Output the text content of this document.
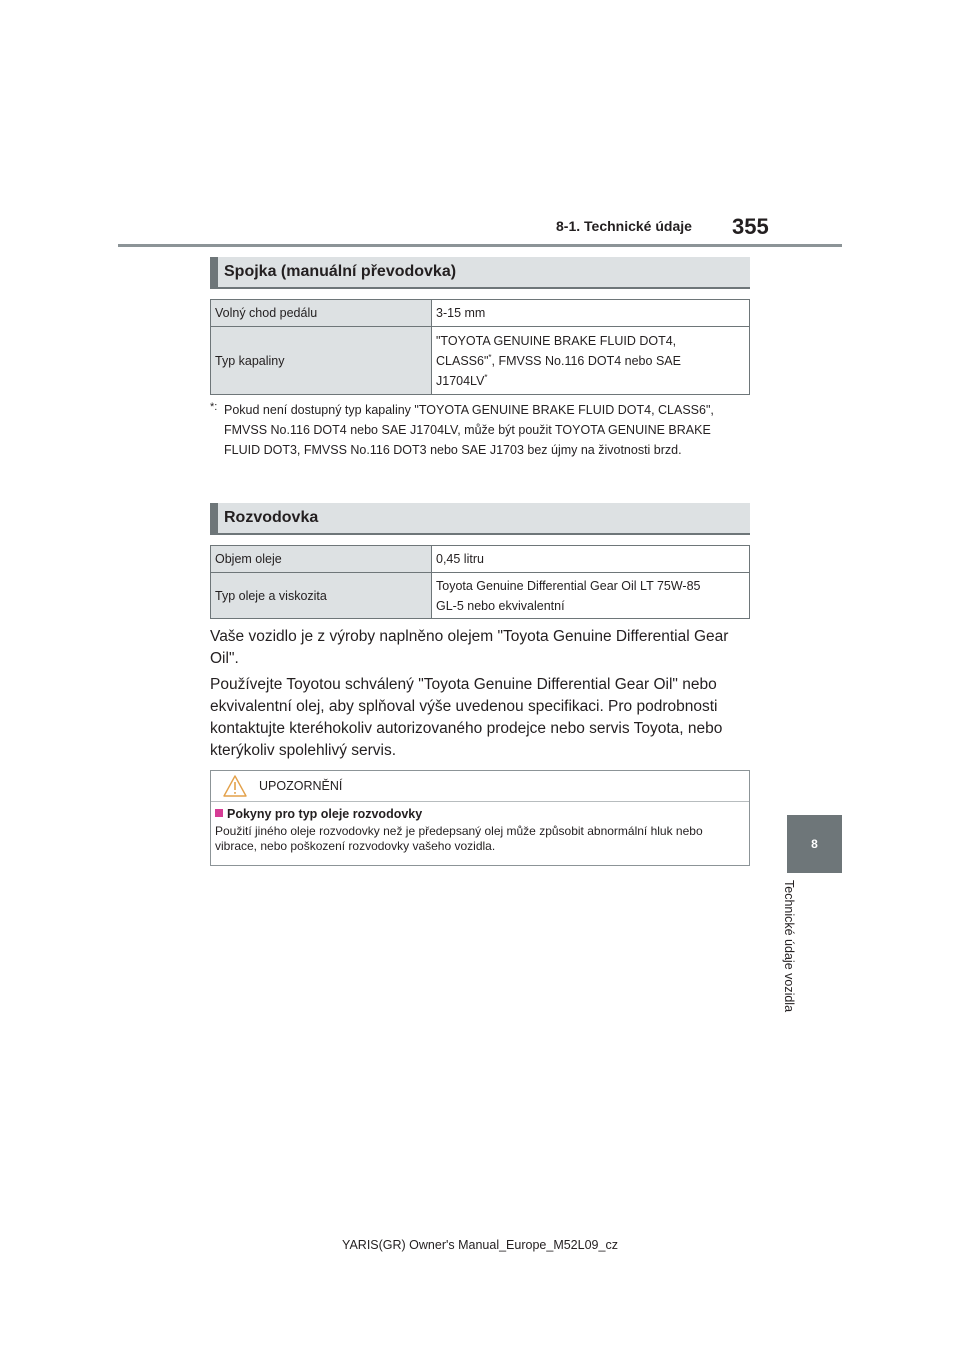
8-1. Technické údaje 355
8
Technické údaje vozidla
Spojka (manuální převodovka)
Volný chod pedálu	3-15 mm
Typ kapaliny	"TOYOTA GENUINE BRAKE FLUID DOT4,
CLASS6"*, FMVSS No.116 DOT4 nebo SAE
J1704LV*
*: Pokud není dostupný typ kapaliny "TOYOTA GENUINE BRAKE FLUID DOT4, CLASS6", FMVSS No.116 DOT4 nebo SAE J1704LV, může být použit TOYOTA GENUINE BRAKE FLUID DOT3, FMVSS No.116 DOT3 nebo SAE J1703 bez újmy na životnosti brzd.
Rozvodovka
Objem oleje	0,45 litru
Typ oleje a viskozita	Toyota Genuine Differential Gear Oil LT 75W-85
GL-5 nebo ekvivalentní
Vaše vozidlo je z výroby naplněno olejem "Toyota Genuine Differential Gear Oil".
Používejte Toyotou schválený "Toyota Genuine Differential Gear Oil" nebo ekvivalentní olej, aby splňoval výše uvedenou specifikaci. Pro podrobnosti kontaktujte kteréhokoliv autorizovaného prodejce nebo servis Toyota, nebo kterýkoliv spolehlivý servis.
UPOZORNĚNÍ
Pokyny pro typ oleje rozvodovky
Použití jiného oleje rozvodovky než je předepsaný olej může způsobit abnormální hluk nebo vibrace, nebo poškození rozvodovky vašeho vozidla.
YARIS(GR) Owner's Manual_Europe_M52L09_cz
